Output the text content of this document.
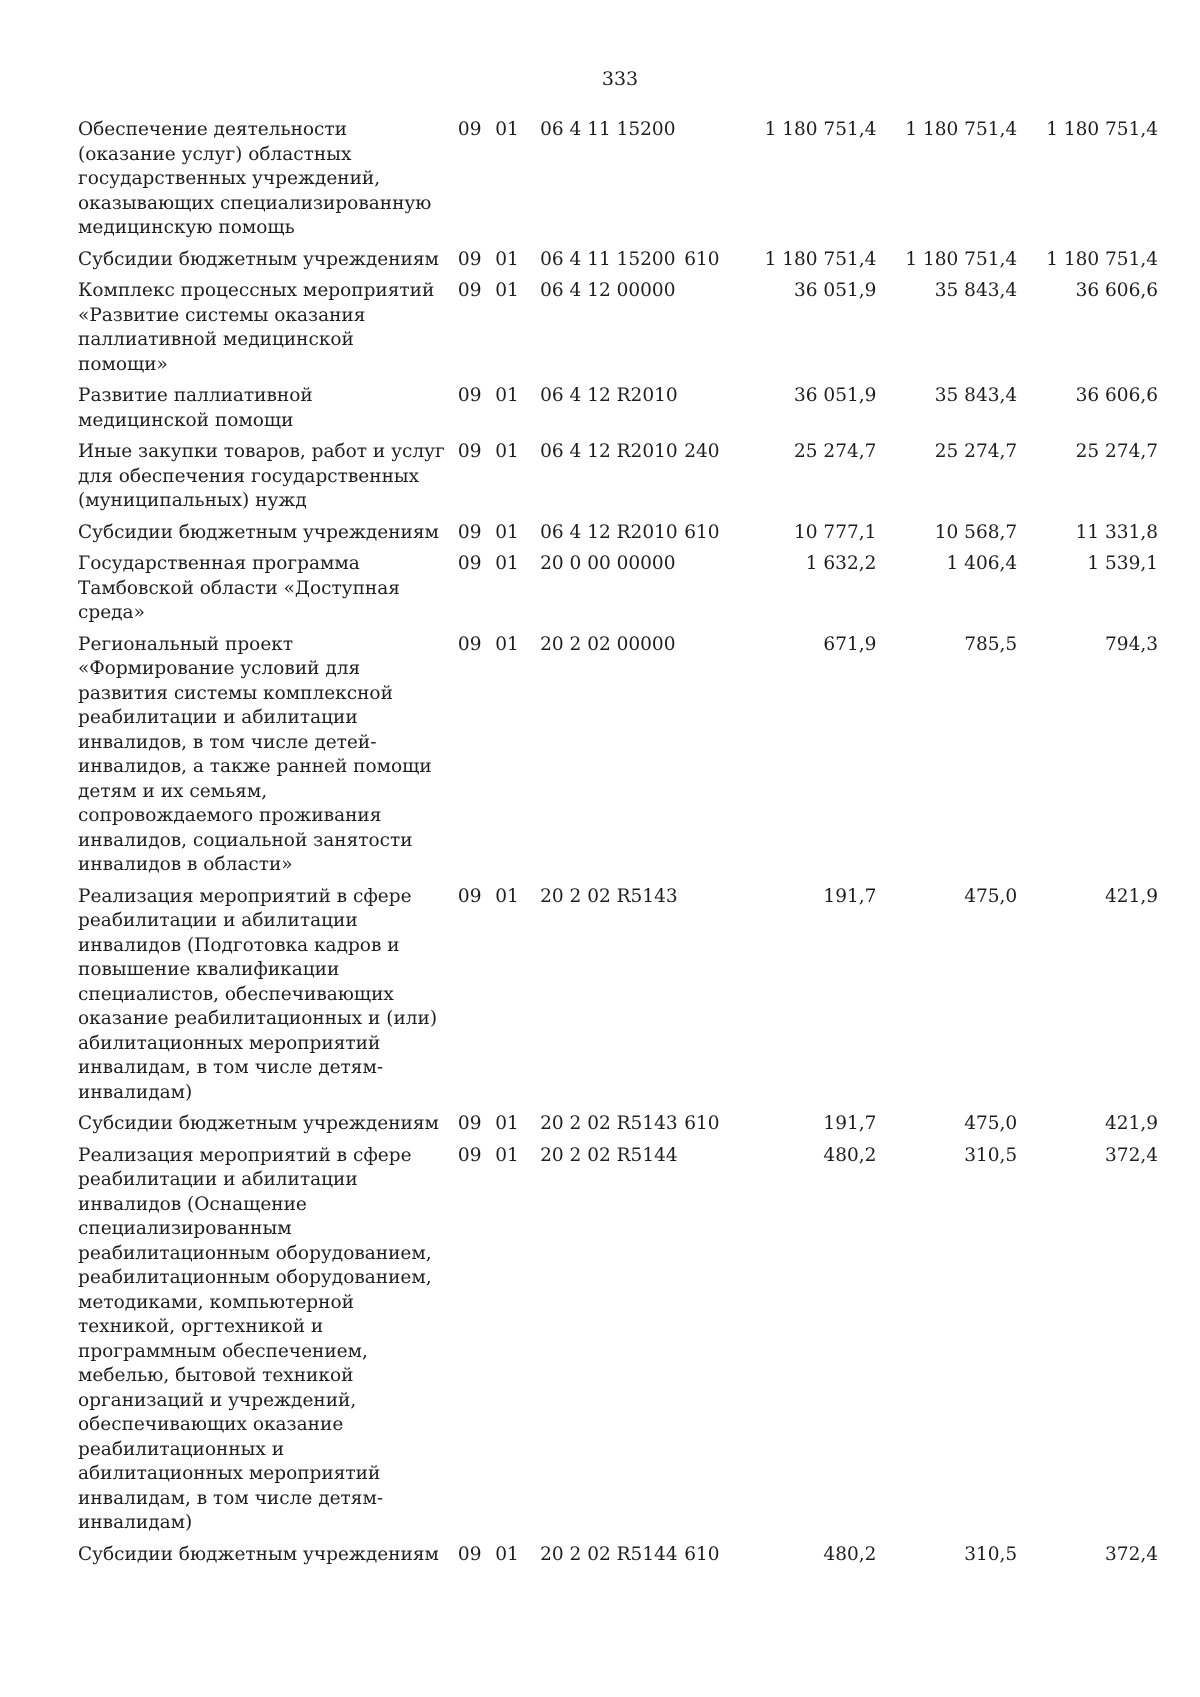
333
Обеспечение деятельности (оказание услуг) областных государственных учреждений, оказывающих специализированную медицинскую помощь	09	01	06 4 11 15200		1 180 751,4	1 180 751,4	1 180 751,4
Субсидии бюджетным учреждениям	09	01	06 4 11 15200	610	1 180 751,4	1 180 751,4	1 180 751,4
Комплекс процессных мероприятий «Развитие системы оказания паллиативной медицинской помощи»	09	01	06 4 12 00000		36 051,9	35 843,4	36 606,6
Развитие паллиативной медицинской помощи	09	01	06 4 12 R2010		36 051,9	35 843,4	36 606,6
Иные закупки товаров, работ и услуг для обеспечения государственных (муниципальных) нужд	09	01	06 4 12 R2010	240	25 274,7	25 274,7	25 274,7
Субсидии бюджетным учреждениям	09	01	06 4 12 R2010	610	10 777,1	10 568,7	11 331,8
Государственная программа Тамбовской области «Доступная среда»	09	01	20 0 00 00000		1 632,2	1 406,4	1 539,1
Региональный проект «Формирование условий для развития системы комплексной реабилитации и абилитации инвалидов, в том числе детей-инвалидов, а также ранней помощи детям и их семьям, сопровождаемого проживания инвалидов, социальной занятости инвалидов в области»	09	01	20 2 02 00000		671,9	785,5	794,3
Реализация мероприятий в сфере реабилитации и абилитации инвалидов (Подготовка кадров и повышение квалификации специалистов, обеспечивающих оказание реабилитационных и (или) абилитационных мероприятий инвалидам, в том числе детям-инвалидам)	09	01	20 2 02 R5143		191,7	475,0	421,9
Субсидии бюджетным учреждениям	09	01	20 2 02 R5143	610	191,7	475,0	421,9
Реализация мероприятий в сфере реабилитации и абилитации инвалидов (Оснащение специализированным реабилитационным оборудованием, реабилитационным оборудованием, методиками, компьютерной техникой, оргтехникой и программным обеспечением, мебелью, бытовой техникой организаций и учреждений, обеспечивающих оказание реабилитационных и абилитационных мероприятий инвалидам, в том числе детям-инвалидам)	09	01	20 2 02 R5144		480,2	310,5	372,4
Субсидии бюджетным учреждениям	09	01	20 2 02 R5144	610	480,2	310,5	372,4
